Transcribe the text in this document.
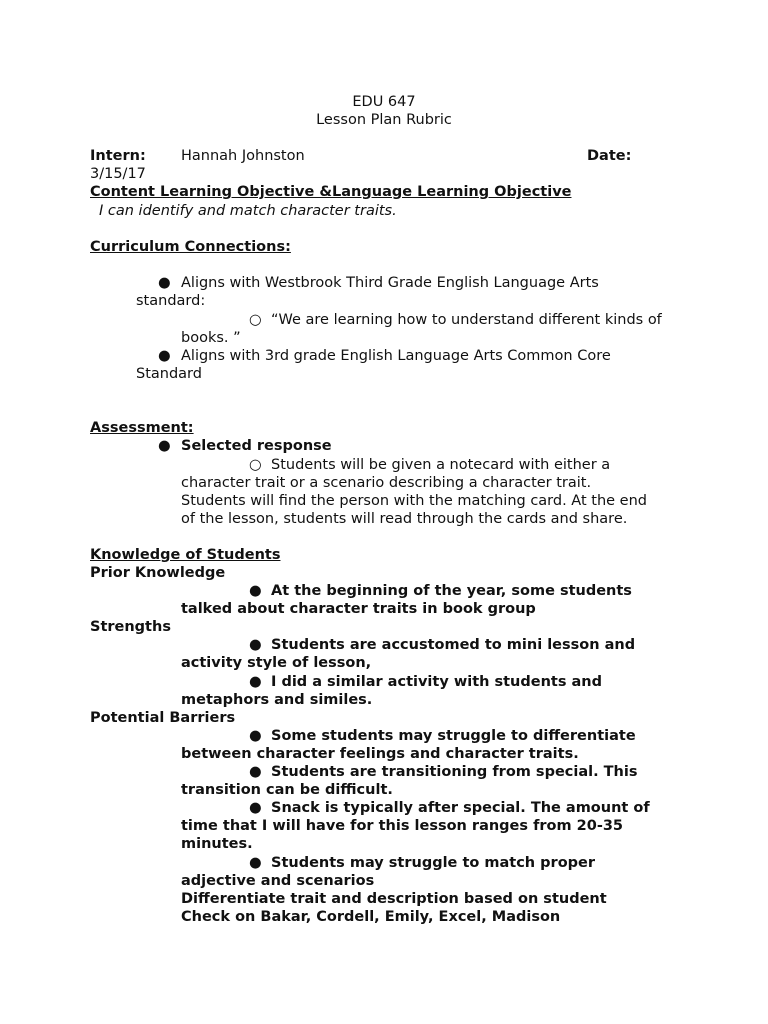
EDU 647
Lesson Plan Rubric
Intern: Hannah Johnston	Date:
3/15/17
Content Learning Objective &Language Learning Objective
I can identify and match character traits.
Curriculum Connections:
● Aligns with Westbrook Third Grade English Language Arts
standard:
○ “We are learning how to understand different kinds of
books. ”
● Aligns with 3rd grade English Language Arts Common Core
Standard
Assessment:
● Selected response
○ Students will be given a notecard with either a
character trait or a scenario describing a character trait.
Students will find the person with the matching card. At the end
of the lesson, students will read through the cards and share.
Knowledge of Students
Prior Knowledge
● At the beginning of the year, some students
talked about character traits in book group
Strengths
● Students are accustomed to mini lesson and
activity style of lesson,
● I did a similar activity with students and
metaphors and similes.
Potential Barriers
● Some students may struggle to differentiate
between character feelings and character traits.
● Students are transitioning from special. This
transition can be difficult.
● Snack is typically after special. The amount of
time that I will have for this lesson ranges from 20-35
minutes.
● Students may struggle to match proper
adjective and scenarios
Differentiate trait and description based on student
Check on Bakar, Cordell, Emily, Excel, Madison
